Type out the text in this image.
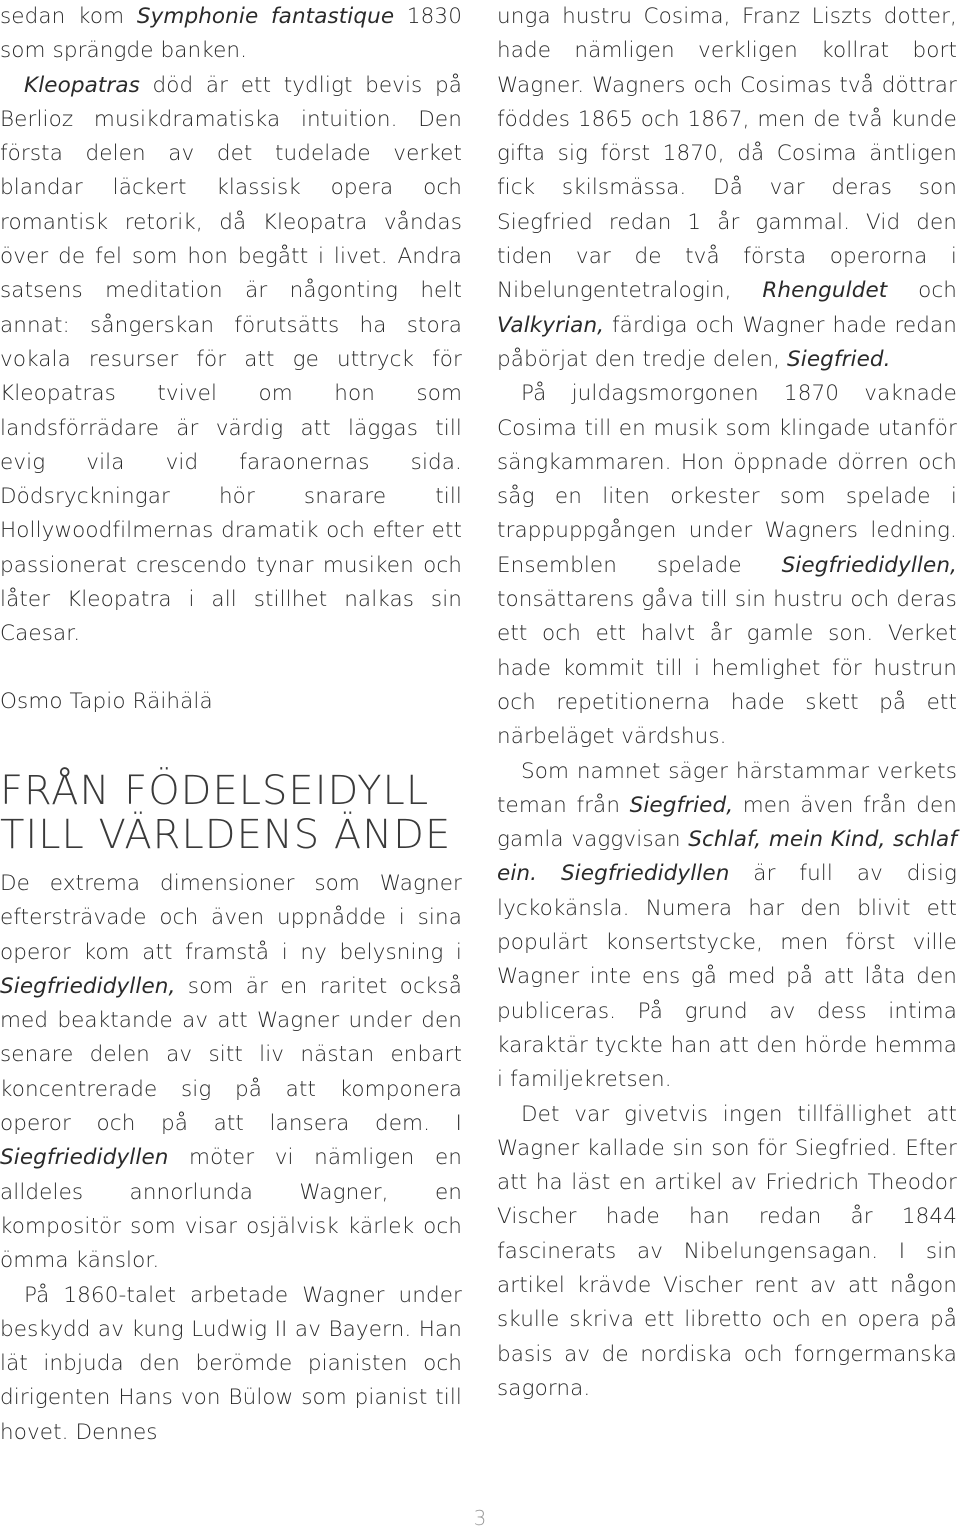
sedan kom Symphonie fantastique 1830 som sprängde banken.

Kleopatras död är ett tydligt bevis på Berlioz musikdramatiska intuition. Den första delen av det tudelade verket blandar läckert klassisk opera och romantisk retorik, då Kleopatra våndas över de fel som hon begått i livet. Andra satsens meditation är någonting helt annat: sångerskan förutsätts ha stora vokala resurser för att ge uttryck för Kleopatras tvivel om hon som landsförrädare är värdig att läggas till evig vila vid faraonernas sida. Dödsryckningar hör snarare till Hollywoodfilmernas dramatik och efter ett passionerat crescendo tynar musiken och låter Kleopatra i all stillhet nalkas sin Caesar.

Osmo Tapio Räihälä

FRÅN FÖDELSEIDYLL
TILL VÄRLDENS ÄNDE

De extrema dimensioner som Wagner eftersträvade och även uppnådde i sina operor kom att framstå i ny belysning i Siegfriedidyllen, som är en raritet också med beaktande av att Wagner under den senare delen av sitt liv nästan enbart koncentrerade sig på att komponera operor och på att lansera dem. I Siegfriedidyllen möter vi nämligen en alldeles annorlunda Wagner, en kompositör som visar osjälvisk kärlek och ömma känslor.

På 1860-talet arbetade Wagner under beskydd av kung Ludwig II av Bayern. Han lät inbjuda den berömde pianisten och dirigenten Hans von Bülow som pianist till hovet. Dennes

unga hustru Cosima, Franz Liszts dotter, hade nämligen verkligen kollrat bort Wagner. Wagners och Cosimas två döttrar föddes 1865 och 1867, men de två kunde gifta sig först 1870, då Cosima äntligen fick skilsmässa. Då var deras son Siegfried redan 1 år gammal. Vid den tiden var de två första operorna i Nibelungentetralogin, Rhenguldet och Valkyrian, färdiga och Wagner hade redan påbörjat den tredje delen, Siegfried.

På juldagsmorgonen 1870 vaknade Cosima till en musik som klingade utanför sängkammaren. Hon öppnade dörren och såg en liten orkester som spelade i trappuppgången under Wagners ledning. Ensemblen spelade Siegfriedidyllen, tonsättarens gåva till sin hustru och deras ett och ett halvt år gamle son. Verket hade kommit till i hemlighet för hustrun och repetitionerna hade skett på ett närbeläget värdshus.

Som namnet säger härstammar verkets teman från Siegfried, men även från den gamla vaggvisan Schlaf, mein Kind, schlaf ein. Siegfriedidyllen är full av disig lyckokänsla. Numera har den blivit ett populärt konsertstycke, men först ville Wagner inte ens gå med på att låta den publiceras. På grund av dess intima karaktär tyckte han att den hörde hemma i familjekretsen.

Det var givetvis ingen tillfällighet att Wagner kallade sin son för Siegfried. Efter att ha läst en artikel av Friedrich Theodor Vischer hade han redan år 1844 fascinerats av Nibelungensagan. I sin artikel krävde Vischer rent av att någon skulle skriva ett libretto och en opera på basis av de nordiska och forngermanska sagorna.

3
